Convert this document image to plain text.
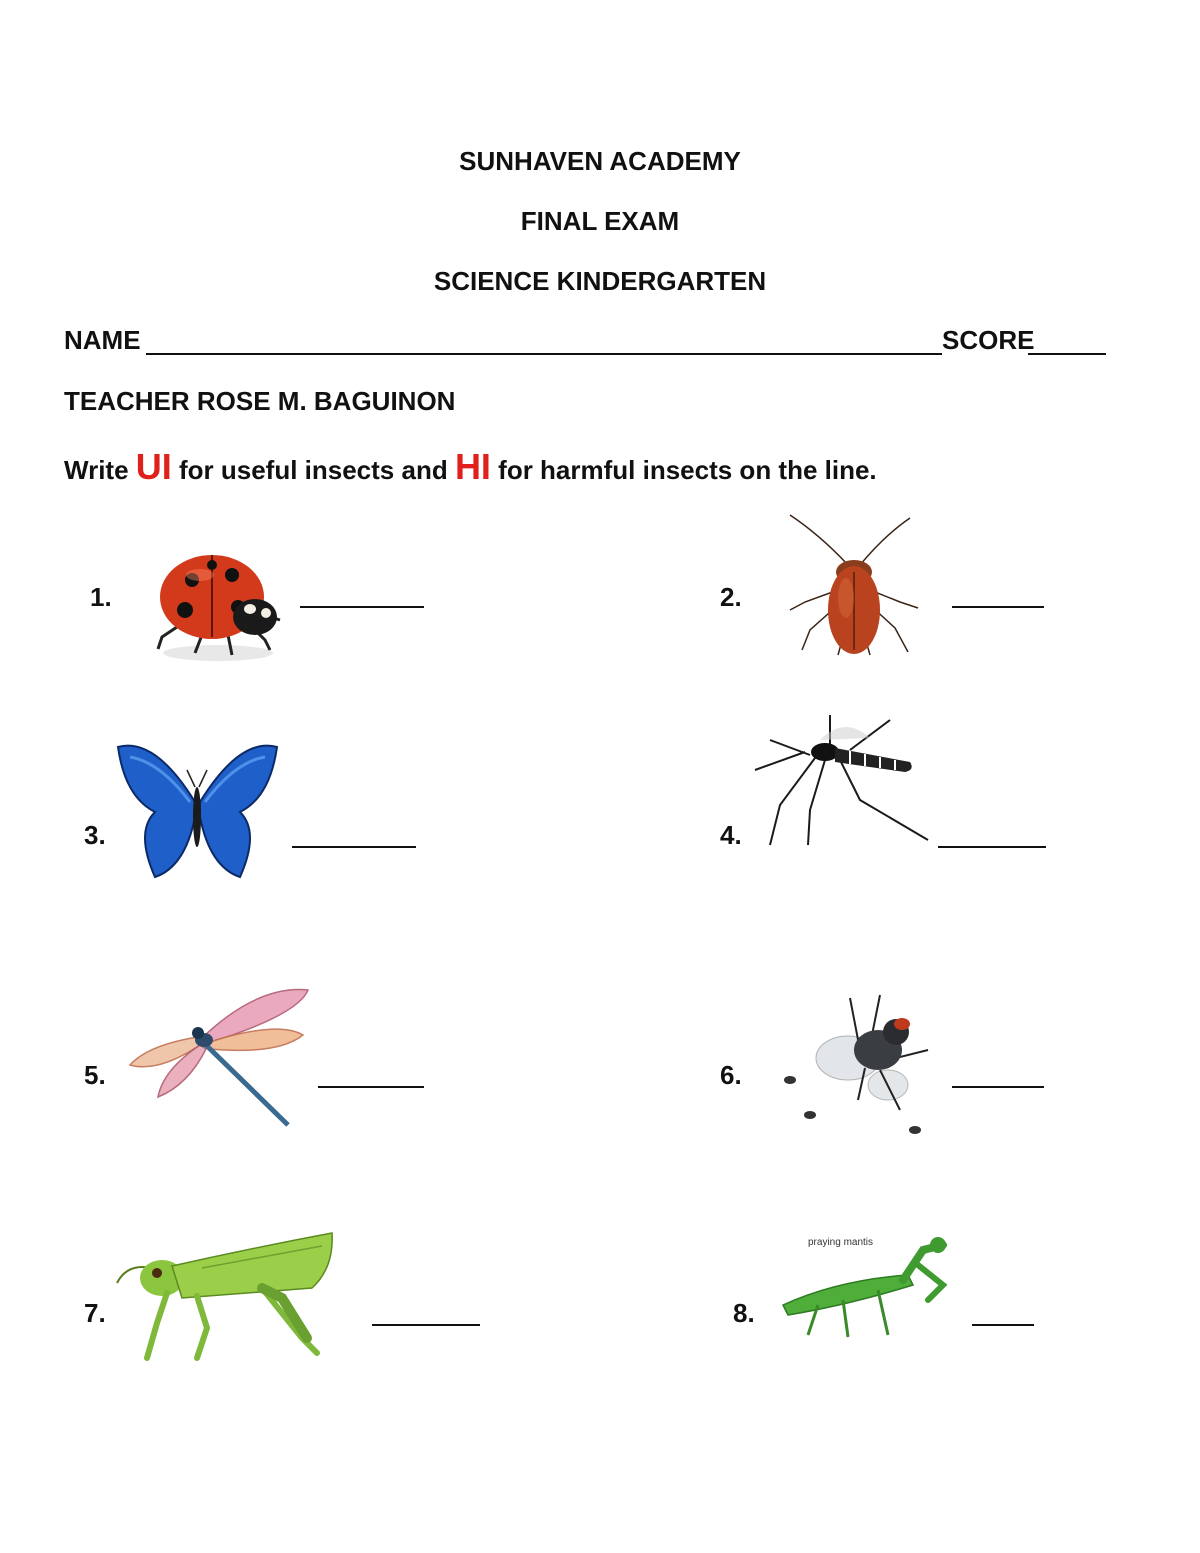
SUNHAVEN ACADEMY
FINAL EXAM
SCIENCE KINDERGARTEN
NAME	SCORE
TEACHER ROSE M. BAGUINON
Write UI for useful insects and HI for harmful insects on the line.
1.	2.
3.	4.
5.	6.
7.	8.
praying mantis
